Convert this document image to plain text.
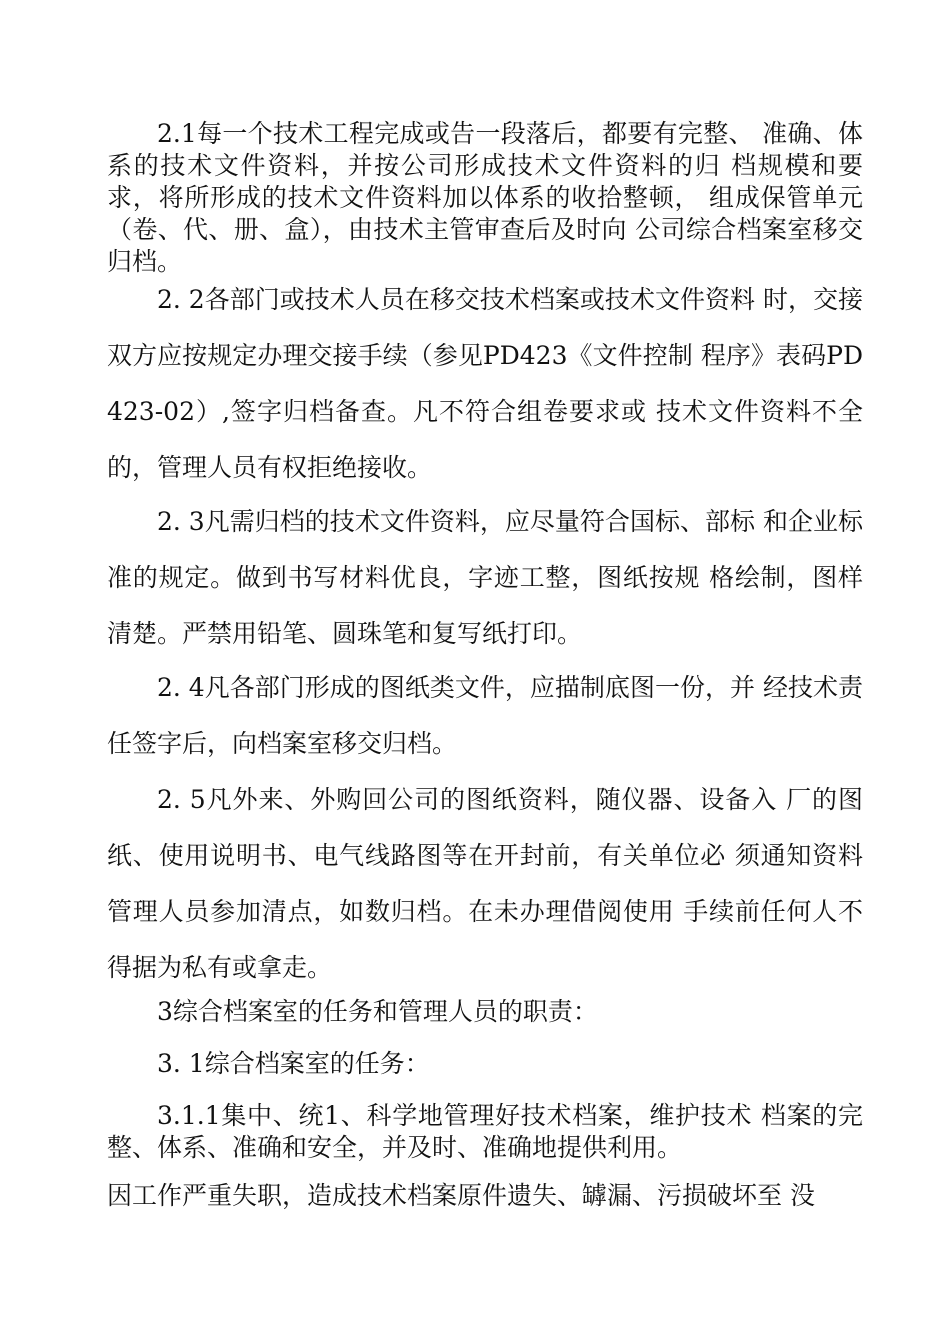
2.1每一个技术工程完成或告一段落后，都要有完整、 准确、体系的技术文件资料，并按公司形成技术文件资料的归 档规模和要求，将所形成的技术文件资料加以体系的收拾整顿， 组成保管单元（卷、代、册、盒），由技术主管审查后及时向 公司综合档案室移交归档。

2. 2各部门或技术人员在移交技术档案或技术文件资料 时，交接双方应按规定办理交接手续（参见PD423《文件控制 程序》表码PD423-02）,签字归档备查。凡不符合组卷要求或 技术文件资料不全的，管理人员有权拒绝接收。

2. 3凡需归档的技术文件资料，应尽量符合国标、部标 和企业标准的规定。做到书写材料优良，字迹工整，图纸按规 格绘制，图样清楚。严禁用铅笔、圆珠笔和复写纸打印。

2. 4凡各部门形成的图纸类文件，应描制底图一份，并 经技术责任签字后，向档案室移交归档。

2. 5凡外来、外购回公司的图纸资料，随仪器、设备入 厂的图纸、使用说明书、电气线路图等在开封前，有关单位必 须通知资料管理人员参加清点，如数归档。在未办理借阅使用 手续前任何人不得据为私有或拿走。

3综合档案室的任务和管理人员的职责：

3. 1综合档案室的任务：

3.1.1集中、统1、科学地管理好技术档案，维护技术 档案的完整、体系、准确和安全，并及时、准确地提供利用。

因工作严重失职，造成技术档案原件遗失、罅漏、污损破坏至 没
